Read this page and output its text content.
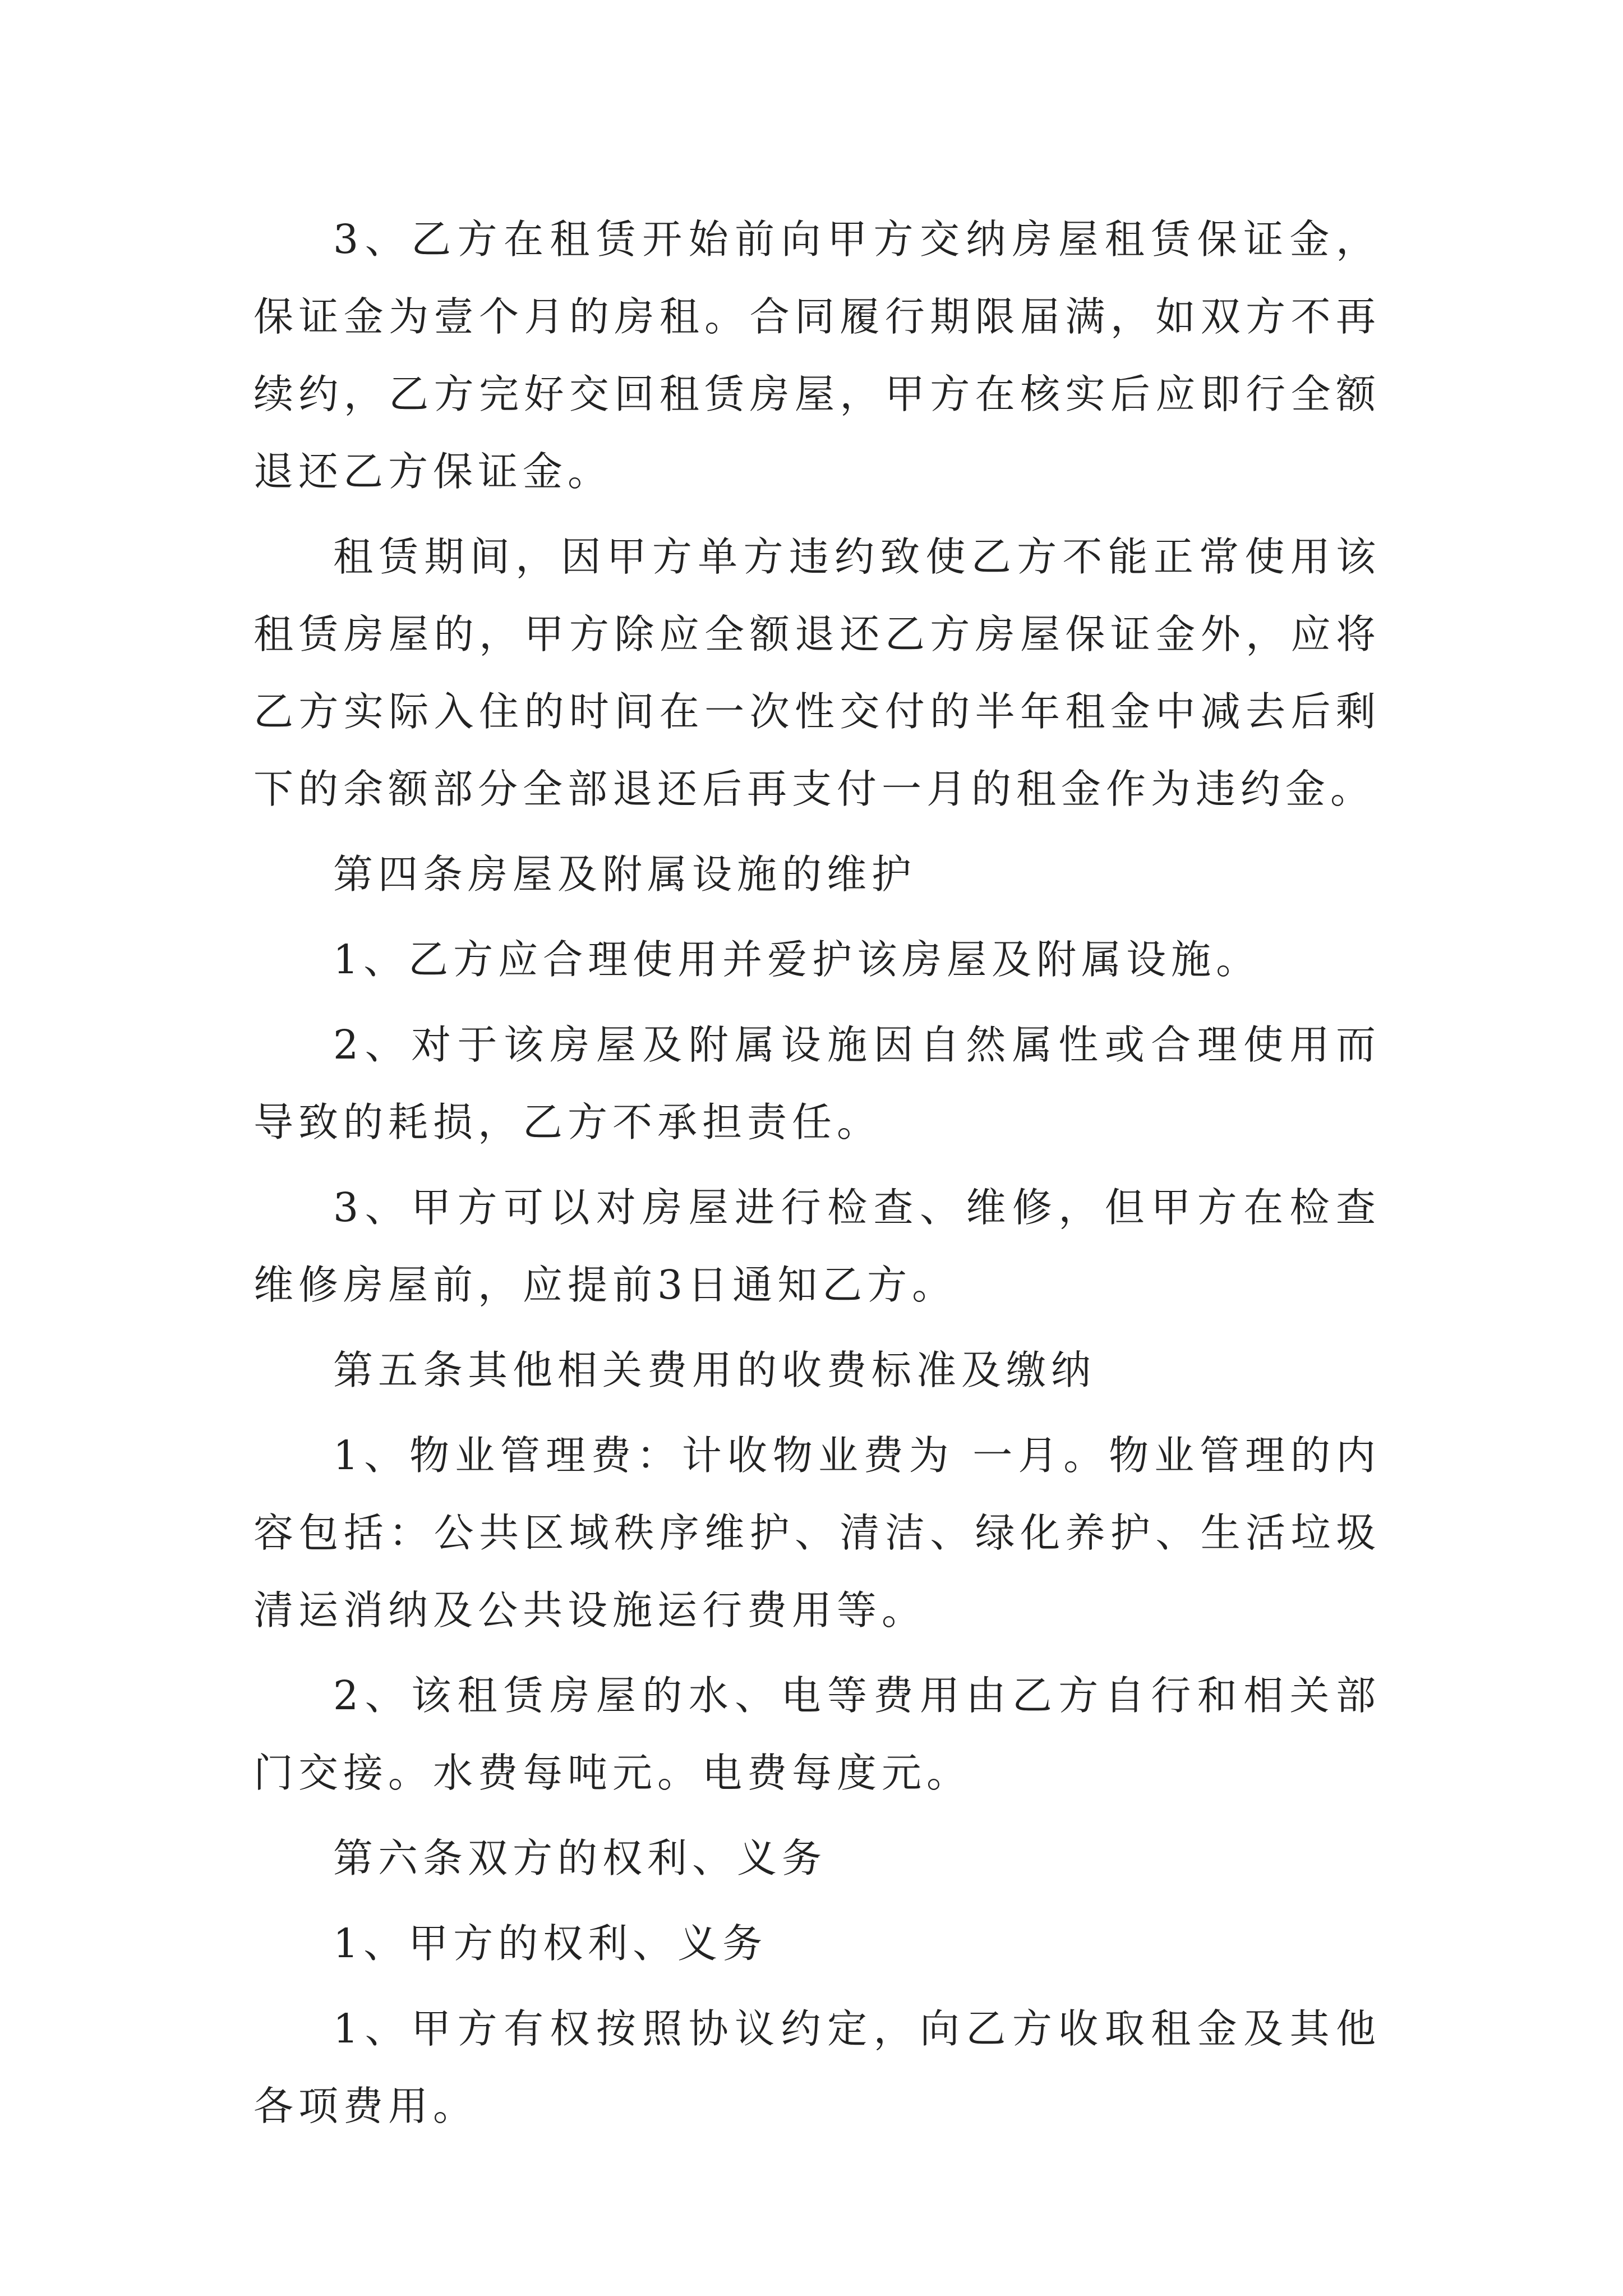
3、乙方在租赁开始前向甲方交纳房屋租赁保证金，保证金为壹个月的房租。合同履行期限届满，如双方不再续约，乙方完好交回租赁房屋，甲方在核实后应即行全额退还乙方保证金。

租赁期间，因甲方单方违约致使乙方不能正常使用该租赁房屋的，甲方除应全额退还乙方房屋保证金外，应将乙方实际入住的时间在一次性交付的半年租金中减去后剩下的余额部分全部退还后再支付一月的租金作为违约金。

第四条房屋及附属设施的维护

1、乙方应合理使用并爱护该房屋及附属设施。

2、对于该房屋及附属设施因自然属性或合理使用而导致的耗损，乙方不承担责任。

3、甲方可以对房屋进行检查、维修，但甲方在检查维修房屋前，应提前3日通知乙方。

第五条其他相关费用的收费标准及缴纳

1、物业管理费：计收物业费为 一月。物业管理的内容包括：公共区域秩序维护、清洁、绿化养护、生活垃圾清运消纳及公共设施运行费用等。

2、该租赁房屋的水、电等费用由乙方自行和相关部门交接。水费每吨元。电费每度元。

第六条双方的权利、义务

1、甲方的权利、义务

1、甲方有权按照协议约定，向乙方收取租金及其他各项费用。
